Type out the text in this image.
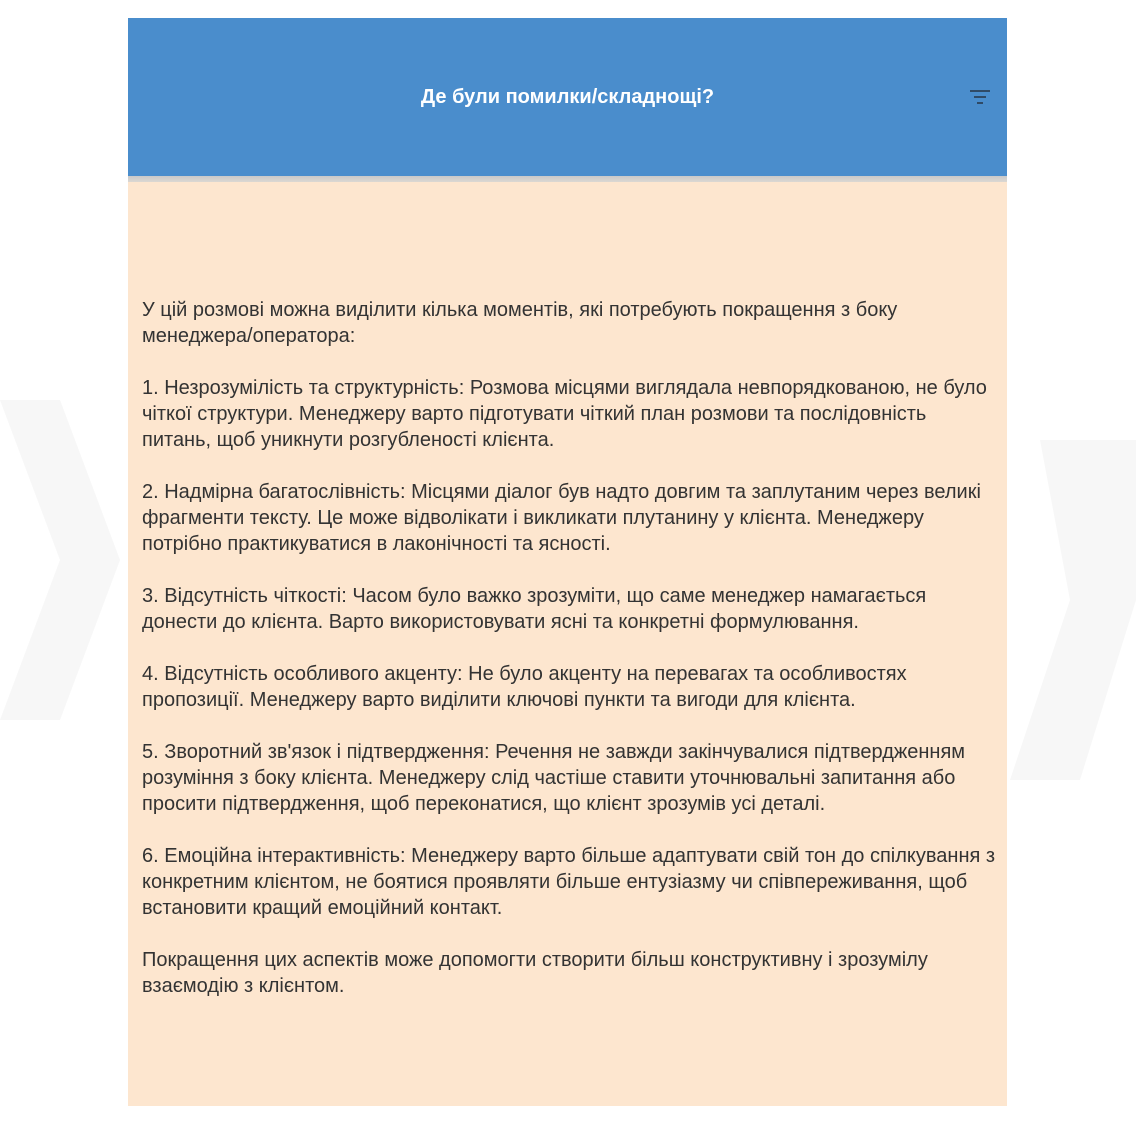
Де були помилки/складнощі?

У цій розмові можна виділити кілька моментів, які потребують покращення з боку менеджера/оператора:

1. Незрозумілість та структурність: Розмова місцями виглядала невпорядкованою, не було чіткої структури. Менеджеру варто підготувати чіткий план розмови та послідовність питань, щоб уникнути розгубленості клієнта.

2. Надмірна багатослівність: Місцями діалог був надто довгим та заплутаним через великі фрагменти тексту. Це може відволікати і викликати плутанину у клієнта. Менеджеру потрібно практикуватися в лаконічності та ясності.

3. Відсутність чіткості: Часом було важко зрозуміти, що саме менеджер намагається донести до клієнта. Варто використовувати ясні та конкретні формулювання.

4. Відсутність особливого акценту: Не було акценту на перевагах та особливостях пропозиції. Менеджеру варто виділити ключові пункти та вигоди для клієнта.

5. Зворотний зв'язок і підтвердження: Речення не завжди закінчувалися підтвердженням розуміння з боку клієнта. Менеджеру слід частіше ставити уточнювальні запитання або просити підтвердження, щоб переконатися, що клієнт зрозумів усі деталі.

6. Емоційна інтерактивність: Менеджеру варто більше адаптувати свій тон до спілкування з конкретним клієнтом, не боятися проявляти більше ентузіазму чи співпереживання, щоб встановити кращий емоційний контакт.

Покращення цих аспектів може допомогти створити більш конструктивну і зрозумілу взаємодію з клієнтом.
